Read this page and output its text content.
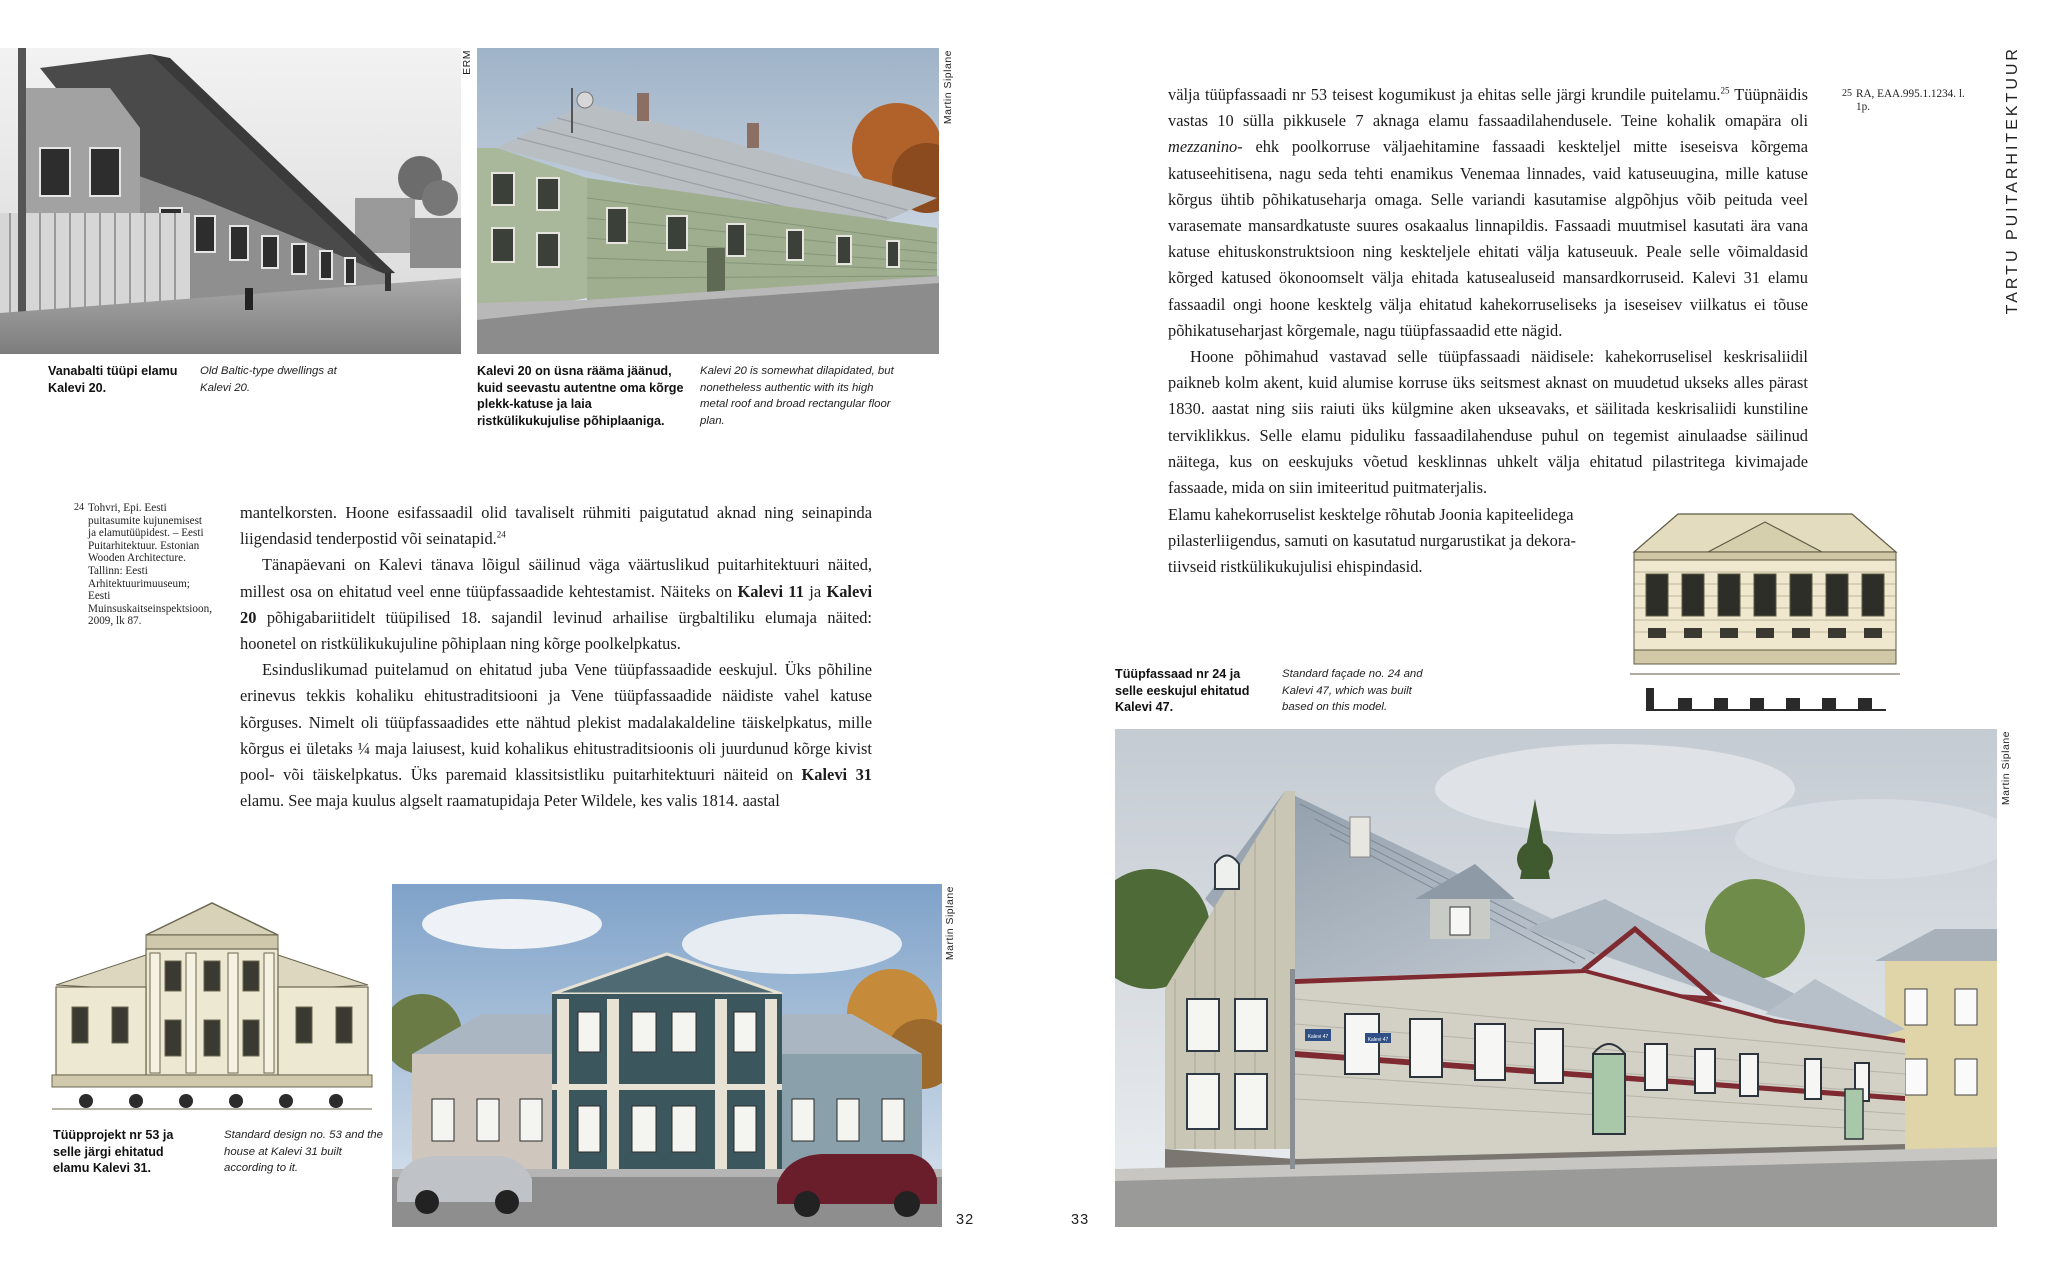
ERM	Martin Siplane
Vanabalti tüüpi elamu Kalevi 20.
Old Baltic-type dwellings at Kalevi 20.
Kalevi 20 on üsna rääma jäänud, kuid seevastu autentne oma kõrge plekk-katuse ja laia ristkülikukujulise põhiplaaniga.
Kalevi 20 is somewhat dilapidated, but nonetheless authentic with its high metal roof and broad rectangular floor plan.
24 Tohvri, Epi. Eesti puitasumite kujunemisest ja elamutüüpidest. – Eesti Puitarhitektuur. Estonian Wooden Architecture. Tallinn: Eesti Arhitektuurimuuseum; Eesti Muinsuskaitseinspektsioon, 2009, lk 87.

mantelkorsten. Hoone esifassaadil olid tavaliselt rühmiti paigutatud aknad ning seinapinda liigendasid tenderpostid või seinatapid.$^{24}$

Tänapäevani on Kalevi tänava lõigul säilinud väga väärtuslikud puitarhitektuuri näited, millest osa on ehitatud veel enne tüüpfassaadide kehtestamist. Näiteks on Kalevi 11 ja Kalevi 20 põhigabariitidelt tüüpilised 18. sajandil levinud arhailise ürgbaltiliku elumaja näited: hoonetel on ristkülikukujuline põhiplaan ning kõrge poolkelpkatus.

Esinduslikumad puitelamud on ehitatud juba Vene tüüpfassaadide eeskujul. Üks põhiline erinevus tekkis kohaliku ehitustraditsiooni ja Vene tüüpfassaadide näidiste vahel katuse kõrguses. Nimelt oli tüüpfassaadides ette nähtud plekist madalakaldeline täiskelpkatus, mille kõrgus ei ületaks ¼ maja laiusest, kuid kohalikus ehitustraditsioonis oli juurdunud kõrge kivist pool- või täiskelpkatus. Üks paremaid klassitsistliku puitarhitektuuri näiteid on Kalevi 31 elamu. See maja kuulus algselt raamatupidaja Peter Wildele, kes valis 1814. aastal

Tüüpprojekt nr 53 ja selle järgi ehitatud elamu Kalevi 31.
Standard design no. 53 and the house at Kalevi 31 built according to it.
Martin Siplane
32

välja tüüpfassaadi nr 53 teisest kogumikust ja ehitas selle järgi krundile puitelamu.$^{25}$ Tüüpnäidis vastas 10 sülla pikkusele 7 aknaga elamu fassaadilahendusele. Teine kohalik omapära oli mezzanino- ehk poolkorruse väljaehitamine fassaadi keskteljel mitte iseseisva kõrgema katuseehitisena, nagu seda tehti enamikus Venemaa linnades, vaid katuseuugina, mille katuse kõrgus ühtib põhikatuseharja omaga. Selle variandi kasutamise algpõhjus võib peituda veel varasemate mansardkatuste suures osakaalus linnapildis. Fassaadi muutmisel kasutati ära vana katuse ehituskonstruktsioon ning keskteljele ehitati välja katuseuuk. Peale selle võimaldasid kõrged katused ökonoomselt välja ehitada katusealuseid mansardkorruseid. Kalevi 31 elamu fassaadil ongi hoone kesktelg välja ehitatud kahekorruseliseks ja iseseisev viilkatus ei tõuse põhikatuseharjast kõrgemale, nagu tüüpfassaadid ette nägid.

Hoone põhimahud vastavad selle tüüpfassaadi näidisele: kahekorruselisel keskrisaliidil paikneb kolm akent, kuid alumise korruse üks seitsmest aknast on muudetud ukseks alles pärast 1830. aastat ning siis raiuti üks külgmine aken ukseavaks, et säilitada keskrisaliidi kunstiline terviklikkus. Selle elamu piduliku fassaadilahenduse puhul on tegemist ainulaadse säilinud näitega, kus on eeskujuks võetud kesklinnas uhkelt välja ehitatud pilastritega kivimajade fassaade, mida on siin imiteeritud puitmaterjalis.

Elamu kahekorruselist kesktelge rõhutab Joonia kapiteelidega

pilasterliigendus, samuti on kasutatud nurgarustikat ja dekora-

tiivseid ristkülikukujulisi ehispindasid.

25 RA, EAA.995.1.1234. l. 1p.	TARTU PUITARHITEKTUUR
Tüüpfassaad nr 24 ja selle eeskujul ehitatud Kalevi 47.
Standard façade no. 24 and Kalevi 47, which was built based on this model.
Kalevi 47	Kalevi 47
Martin Siplane
33
